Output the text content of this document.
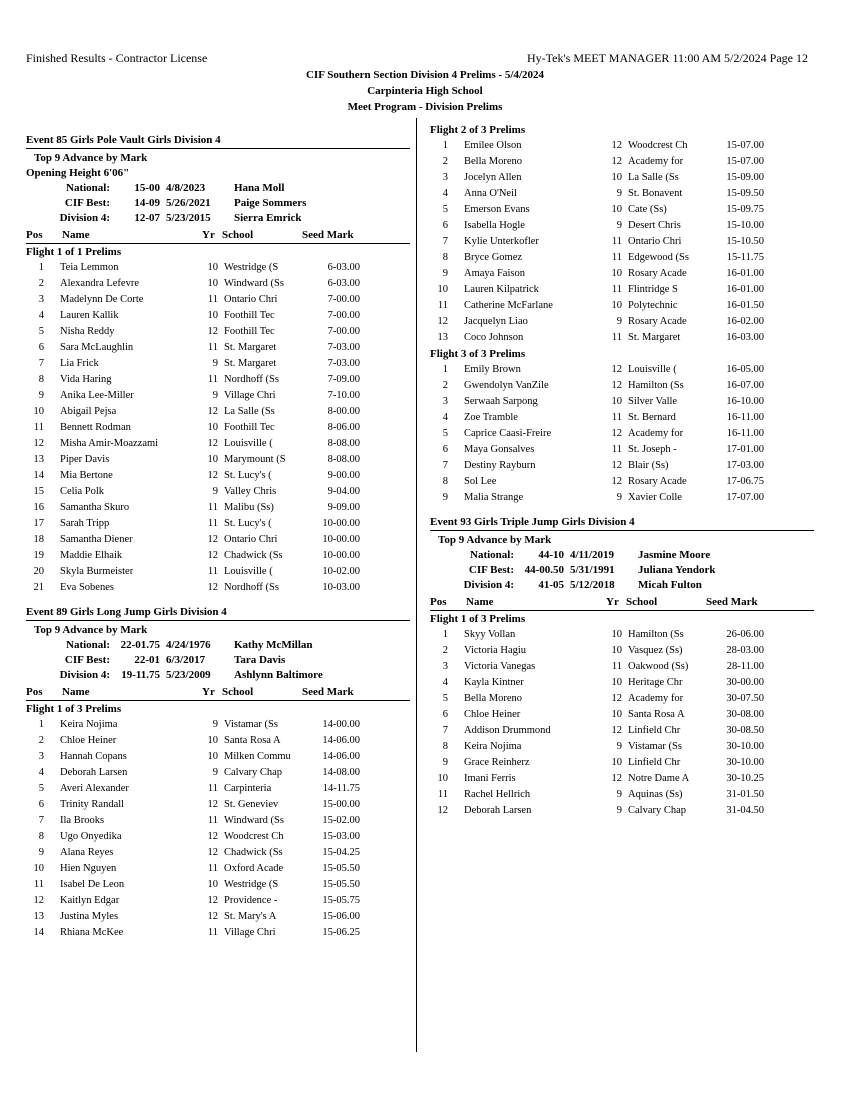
Finished Results - Contractor License	Hy-Tek's MEET MANAGER 11:00 AM 5/2/2024 Page 12
CIF Southern Section Division 4 Prelims - 5/4/2024
Carpinteria High School
Meet Program - Division Prelims
Event 85 Girls Pole Vault Girls Division 4
Top 9 Advance by Mark
Opening Height 6'06"
National: 15-00 4/8/2023	Hana Moll
CIF Best: 14-09 5/26/2021 Paige Sommers
Division 4: 12-07 5/23/2015 Sierra Emrick
Pos Name	Yr School	Seed Mark
Flight 1 of 1 Prelims
1 Teia Lemmon	10 Westridge (S	6-03.00
2 Alexandra Lefevre	10 Windward (Ss	6-03.00
3 Madelynn De Corte	11 Ontario Chri	7-00.00
4 Lauren Kallik	10 Foothill Tec	7-00.00
5 Nisha Reddy	12 Foothill Tec	7-00.00
6 Sara McLaughlin	11 St. Margaret	7-03.00
7 Lia Frick	9 St. Margaret	7-03.00
8 Vida Haring	11 Nordhoff (Ss	7-09.00
9 Anika Lee-Miller	9 Village Chri	7-10.00
10 Abigail Pejsa	12 La Salle (Ss	8-00.00
11 Bennett Rodman	10 Foothill Tec	8-06.00
12 Misha Amir-Moazzami	12 Louisville (	8-08.00
13 Piper Davis	10 Marymount (S	8-08.00
14 Mia Bertone	12 St. Lucy's (	9-00.00
15 Celia Polk	9 Valley Chris	9-04.00
16 Samantha Skuro	11 Malibu (Ss)	9-09.00
17 Sarah Tripp	11 St. Lucy's (	10-00.00
18 Samantha Diener	12 Ontario Chri	10-00.00
19 Maddie Elhaik	12 Chadwick (Ss	10-00.00
20 Skyla Burmeister	11 Louisville (	10-02.00
21 Eva Sobenes	12 Nordhoff (Ss	10-03.00
Event 89 Girls Long Jump Girls Division 4
Top 9 Advance by Mark
National: 22-01.75 4/24/1976 Kathy McMillan
CIF Best: 22-01 6/3/2017	Tara Davis
Division 4: 19-11.75 5/23/2009 Ashlynn Baltimore
Pos Name	Yr School	Seed Mark
Flight 1 of 3 Prelims
1 Keira Nojima	9 Vistamar (Ss	14-00.00
2 Chloe Heiner	10 Santa Rosa A	14-06.00
3 Hannah Copans	10 Milken Commu	14-06.00
4 Deborah Larsen	9 Calvary Chap	14-08.00
5 Averi Alexander	11 Carpinteria	14-11.75
6 Trinity Randall	12 St. Geneviev	15-00.00
7 Ila Brooks	11 Windward (Ss	15-02.00
8 Ugo Onyedika	12 Woodcrest Ch	15-03.00
9 Alana Reyes	12 Chadwick (Ss	15-04.25
10 Hien Nguyen	11 Oxford Acade	15-05.50
11 Isabel De Leon	10 Westridge (S	15-05.50
12 Kaitlyn Edgar	12 Providence -	15-05.75
13 Justina Myles	12 St. Mary's A	15-06.00
14 Rhiana McKee	11 Village Chri	15-06.25
Flight 2 of 3 Prelims
1 Emilee Olson	12 Woodcrest Ch	15-07.00
2 Bella Moreno	12 Academy for	15-07.00
3 Jocelyn Allen	10 La Salle (Ss	15-09.00
4 Anna O'Neil	9 St. Bonavent	15-09.50
5 Emerson Evans	10 Cate (Ss)	15-09.75
6 Isabella Hogle	9 Desert Chris	15-10.00
7 Kylie Unterkofler	11 Ontario Chri	15-10.50
8 Bryce Gomez	11 Edgewood (Ss	15-11.75
9 Amaya Faison	10 Rosary Acade	16-01.00
10 Lauren Kilpatrick	11 Flintridge S	16-01.00
11 Catherine McFarlane	10 Polytechnic	16-01.50
12 Jacquelyn Liao	9 Rosary Acade	16-02.00
13 Coco Johnson	11 St. Margaret	16-03.00
Flight 3 of 3 Prelims
1 Emily Brown	12 Louisville (	16-05.00
2 Gwendolyn VanZile	12 Hamilton (Ss	16-07.00
3 Serwaah Sarpong	10 Silver Valle	16-10.00
4 Zoe Tramble	11 St. Bernard	16-11.00
5 Caprice Caasi-Freire	12 Academy for	16-11.00
6 Maya Gonsalves	11 St. Joseph -	17-01.00
7 Destiny Rayburn	12 Blair (Ss)	17-03.00
8 Sol Lee	12 Rosary Acade	17-06.75
9 Malia Strange	9 Xavier Colle	17-07.00
Event 93 Girls Triple Jump Girls Division 4
Top 9 Advance by Mark
National: 44-10 4/11/2019 Jasmine Moore
CIF Best: 44-00.50 5/31/1991 Juliana Yendork
Division 4: 41-05 5/12/2018 Micah Fulton
Pos Name	Yr School	Seed Mark
Flight 1 of 3 Prelims
1 Skyy Vollan	10 Hamilton (Ss	26-06.00
2 Victoria Hagiu	10 Vasquez (Ss)	28-03.00
3 Victoria Vanegas	11 Oakwood (Ss)	28-11.00
4 Kayla Kintner	10 Heritage Chr	30-00.00
5 Bella Moreno	12 Academy for	30-07.50
6 Chloe Heiner	10 Santa Rosa A	30-08.00
7 Addison Drummond	12 Linfield Chr	30-08.50
8 Keira Nojima	9 Vistamar (Ss	30-10.00
9 Grace Reinherz	10 Linfield Chr	30-10.00
10 Imani Ferris	12 Notre Dame A	30-10.25
11 Rachel Hellrich	9 Aquinas (Ss)	31-01.50
12 Deborah Larsen	9 Calvary Chap	31-04.50
